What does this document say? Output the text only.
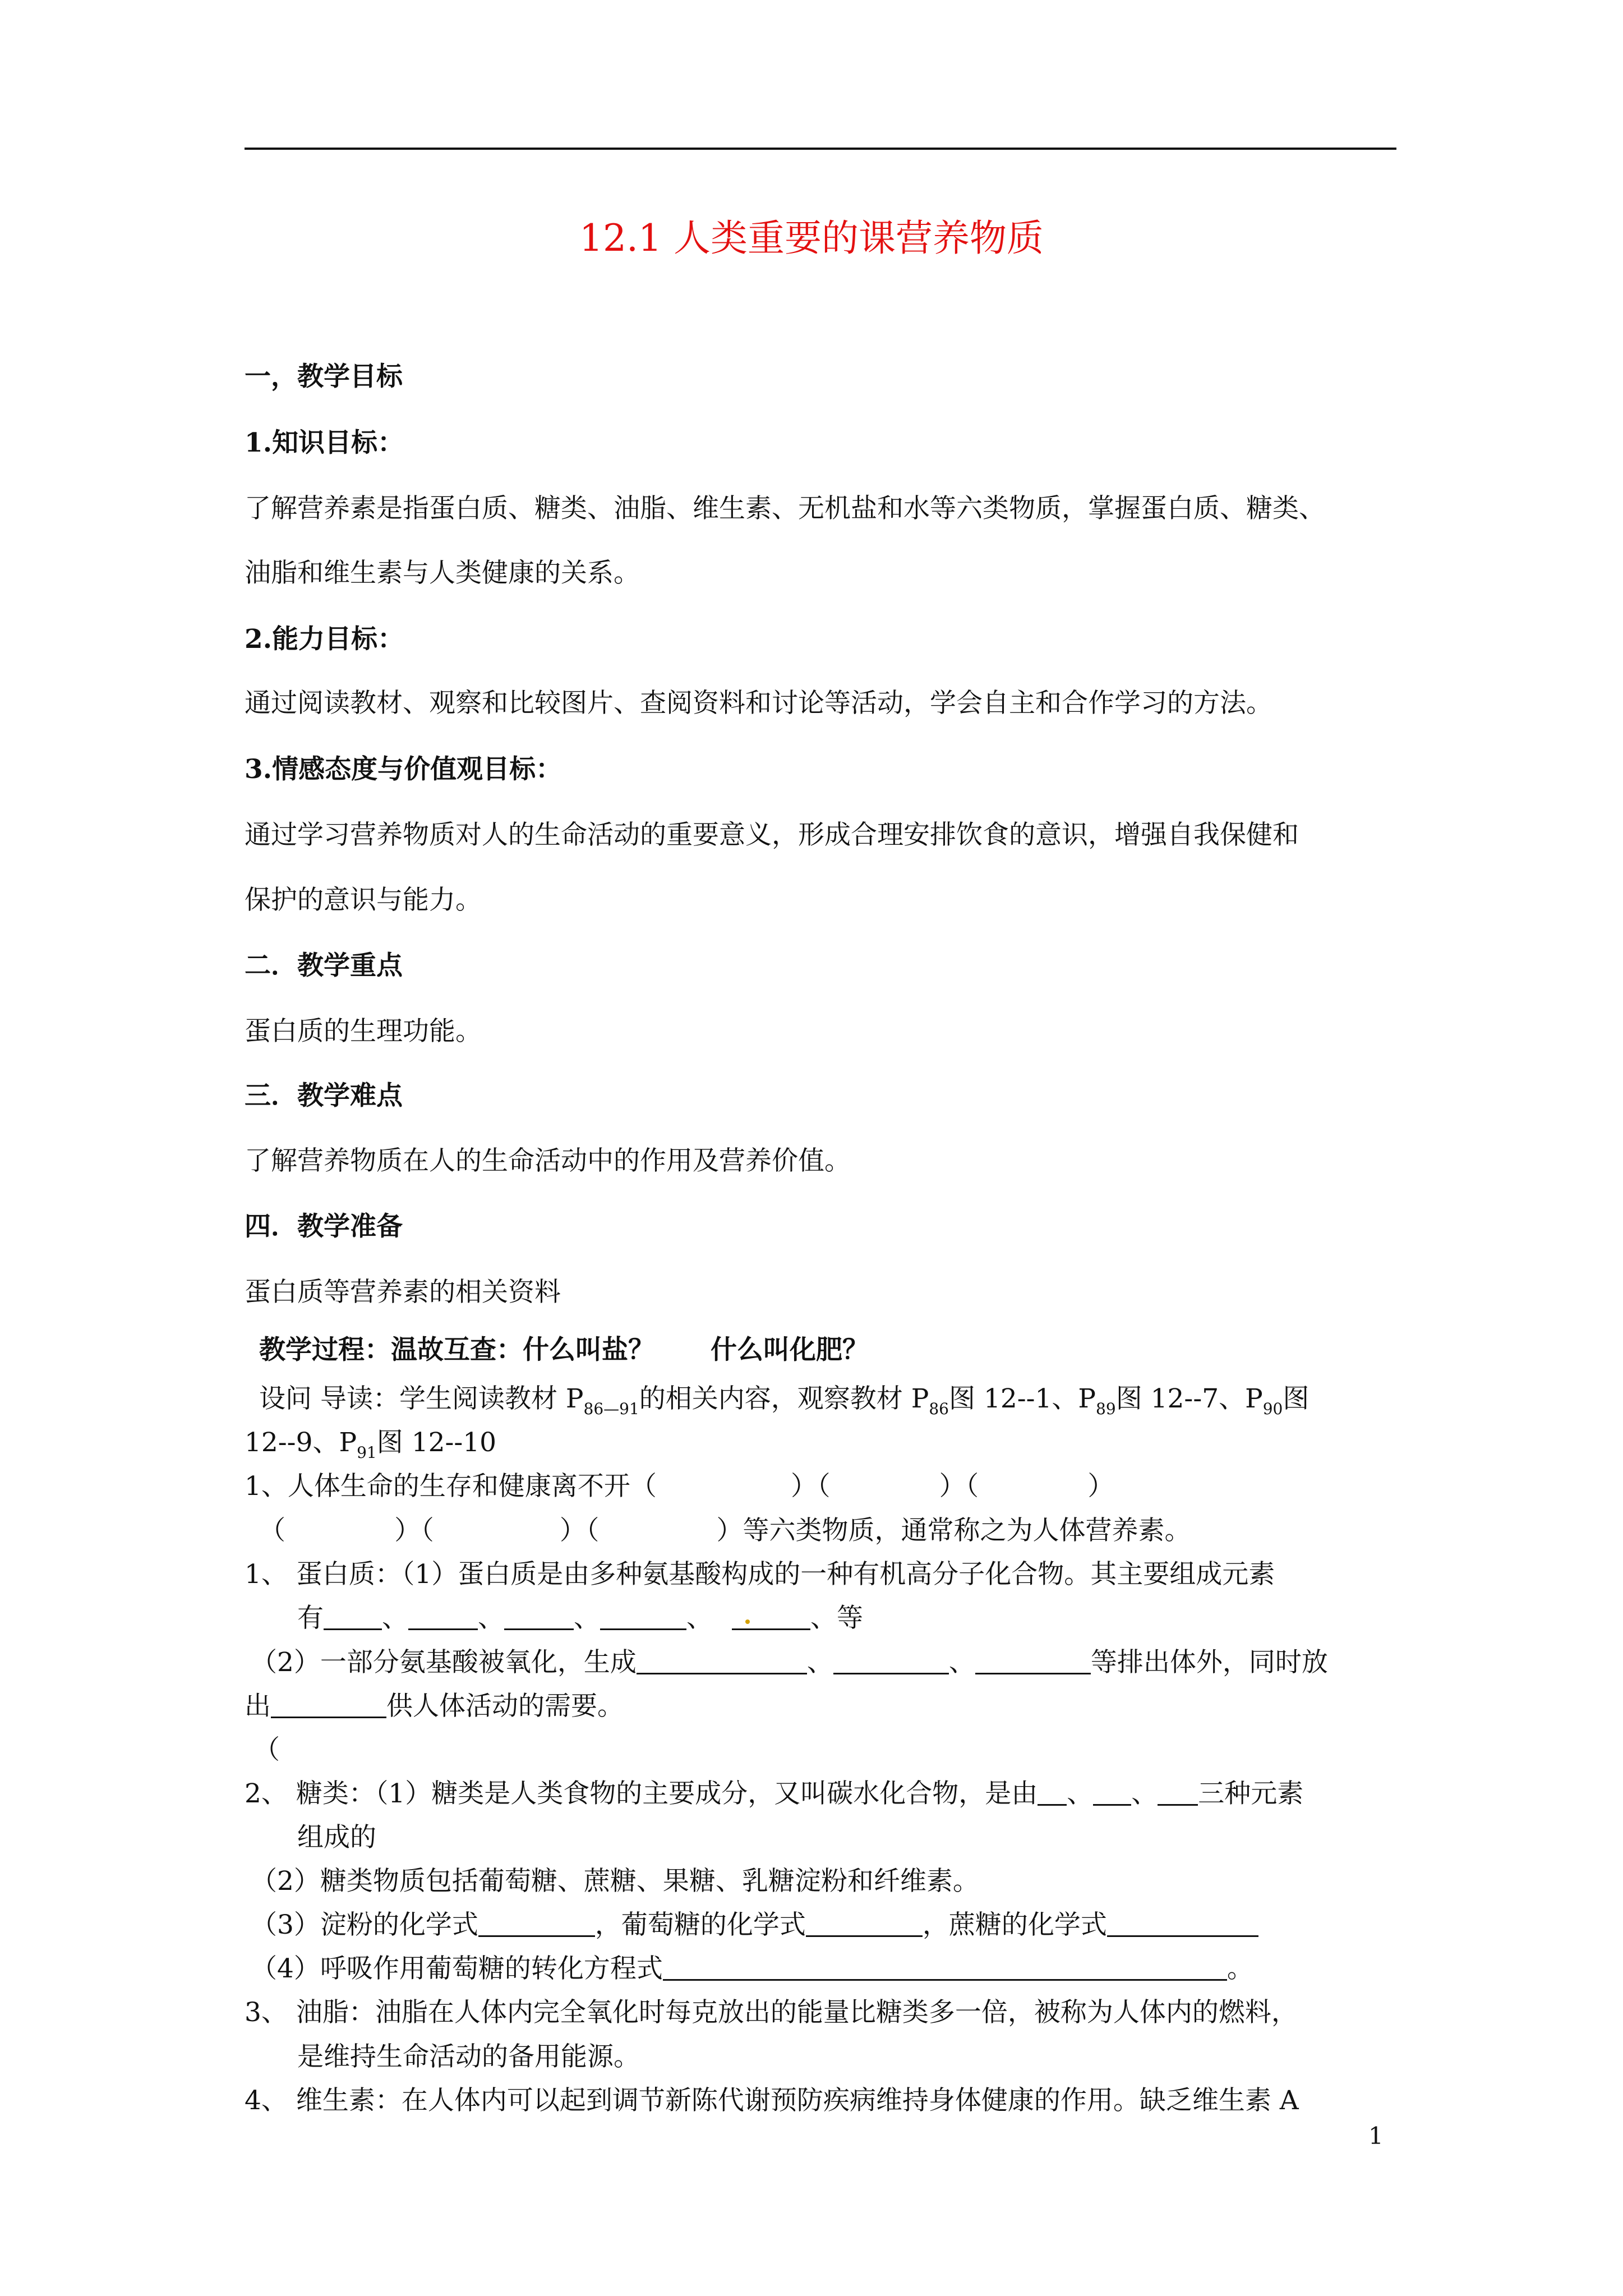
12.1 人类重要的课营养物质
一，教学目标
1.知识目标：
了解营养素是指蛋白质、糖类、油脂、维生素、无机盐和水等六类物质，掌握蛋白质、糖类、
油脂和维生素与人类健康的关系。
2.能力目标：
通过阅读教材、观察和比较图片、查阅资料和讨论等活动，学会自主和合作学习的方法。
3.情感态度与价值观目标：
通过学习营养物质对人的生命活动的重要意义，形成合理安排饮食的意识，增强自我保健和
保护的意识与能力。
二．教学重点
蛋白质的生理功能。
三．教学难点
了解营养物质在人的生命活动中的作用及营养价值。
四．教学准备
蛋白质等营养素的相关资料
教学过程：温故互查：什么叫盐？ 什么叫化肥？
设问 导读：学生阅读教材 $P_{86—91}$的相关内容，观察教材 $P_{86}$图 12--1、$P_{89}$图 12--7、$P_{90}$图
12--9、$P_{91}$图 12--10
1、人体生命的生存和健康离不开（                ）（             ）（             ）
（             ）（               ）（              ）等六类物质，通常称之为人体营养素。
1、 蛋白质：（1）蛋白质是由多种氨基酸构成的一种有机高分子化合物。其主要组成元素
有 、	、	、	、	、等
（2）一部分氨基酸被氧化，生成	、	、	等排出体外，同时放
出	供人体活动的需要。
（
2、 糖类：（1）糖类是人类食物的主要成分，又叫碳水化合物，是由 、 、 三种元素
组成的
（2）糖类物质包括葡萄糖、蔗糖、果糖、乳糖淀粉和纤维素。
（3）淀粉的化学式	，葡萄糖的化学式	，蔗糖的化学式
（4）呼吸作用葡萄糖的转化方程式	。
3、 油脂：油脂在人体内完全氧化时每克放出的能量比糖类多一倍，被称为人体内的燃料，
是维持生命活动的备用能源。
4、 维生素：在人体内可以起到调节新陈代谢预防疾病维持身体健康的作用。缺乏维生素 A
1
